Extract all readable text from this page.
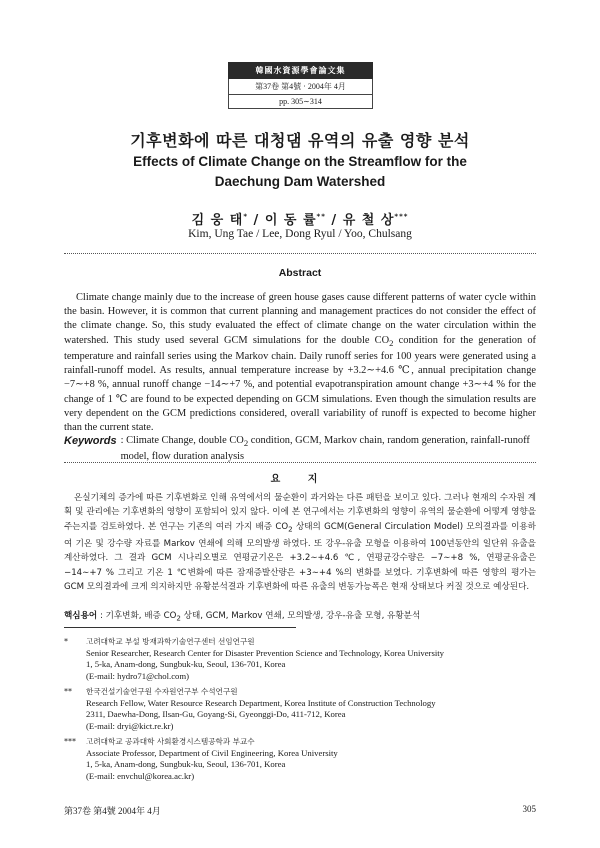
韓國水資源學會論文集
第37卷 第4號 · 2004年 4月
pp. 305∼314
기후변화에 따른 대청댐 유역의 유출 영향 분석
Effects of Climate Change on the Streamflow for the
Daechung Dam Watershed
김 웅 태* / 이 동 률** / 유 철 상***
Kim, Ung Tae / Lee, Dong Ryul / Yoo, Chulsang
Abstract

Climate change mainly due to the increase of green house gases cause different patterns of water cycle within the basin. However, it is common that current planning and management practices do not consider the effect of the climate change. So, this study evaluated the effect of climate change on the water circulation within the watershed. This study used several GCM simulations for the double $CO_2$ condition for the generation of temperature and rainfall series using the Markov chain. Daily runoff series for 100 years were generated using a rainfall-runoff model. As results, annual temperature increase by +3.2∼+4.6 ℃, annual precipitation change −7∼+8 %, annual runoff change −14∼+7 %, and potential evapotranspiration amount change +3∼+4 % for the change of 1 ℃ are found to be expected depending on GCM simulations. Even though the simulation results are very dependent on the GCM predictions considered, overall variability of runoff is expected to become higher than the current state.

Keywords : Climate Change, double $CO_2$ condition, GCM, Markov chain, random generation, rainfall-runoff model, flow duration analysis
요 지

온실기체의 증가에 따른 기후변화로 인해 유역에서의 물순환이 과거와는 다른 패턴을 보이고 있다. 그러나 현재의 수자원 계획 및 관리에는 기후변화의 영향이 포함되어 있지 않다. 이에 본 연구에서는 기후변화의 영향이 유역의 물순환에 어떻게 영향을 주는지를 검토하였다. 본 연구는 기존의 여러 가지 배증 $CO_2$ 상태의 GCM(General Circulation Model) 모의결과를 이용하여 기온 및 강수량 자료를 Markov 연쇄에 의해 모의발생 하였다. 또 강우-유출 모형을 이용하여 100년동안의 일단위 유출을 계산하였다. 그 결과 GCM 시나리오별로 연평균기온은 +3.2∼+4.6 ℃, 연평균강수량은 −7∼+8 %, 연평균유출은 −14∼+7 % 그리고 기온 1 ℃변화에 따른 잠재증발산량은 +3∼+4 %의 변화를 보였다. 기후변화에 따른 영향의 평가는 GCM 모의결과에 크게 의지하지만 유황분석결과 기후변화에 따른 유출의 변동가능폭은 현재 상태보다 커질 것으로 예상된다.

핵심용어 : 기후변화, 배증 $CO_2$ 상태, GCM, Markov 연쇄, 모의발생, 강우-유출 모형, 유황분석
*	고려대학교 부설 방재과학기술연구센터 선임연구원
Senior Researcher, Research Center for Disaster Prevention Science and Technology, Korea University
1, 5-ka, Anam-dong, Sungbuk-ku, Seoul, 136-701, Korea
(E-mail: hydro71@chol.com)
**	한국건설기술연구원 수자원연구부 수석연구원
Research Fellow, Water Resource Research Department, Korea Institute of Construction Technology
2311, Daewha-Dong, Ilsan-Gu, Goyang-Si, Gyeonggi-Do, 411-712, Korea
(E-mail: dryi@kict.re.kr)
***	고려대학교 공과대학 사회환경시스템공학과 부교수
Associate Professor, Department of Civil Engineering, Korea University
1, 5-ka, Anam-dong, Sungbuk-ku, Seoul, 136-701, Korea
(E-mail: envchul@korea.ac.kr)
第37卷 第4號 2004年 4月	305
